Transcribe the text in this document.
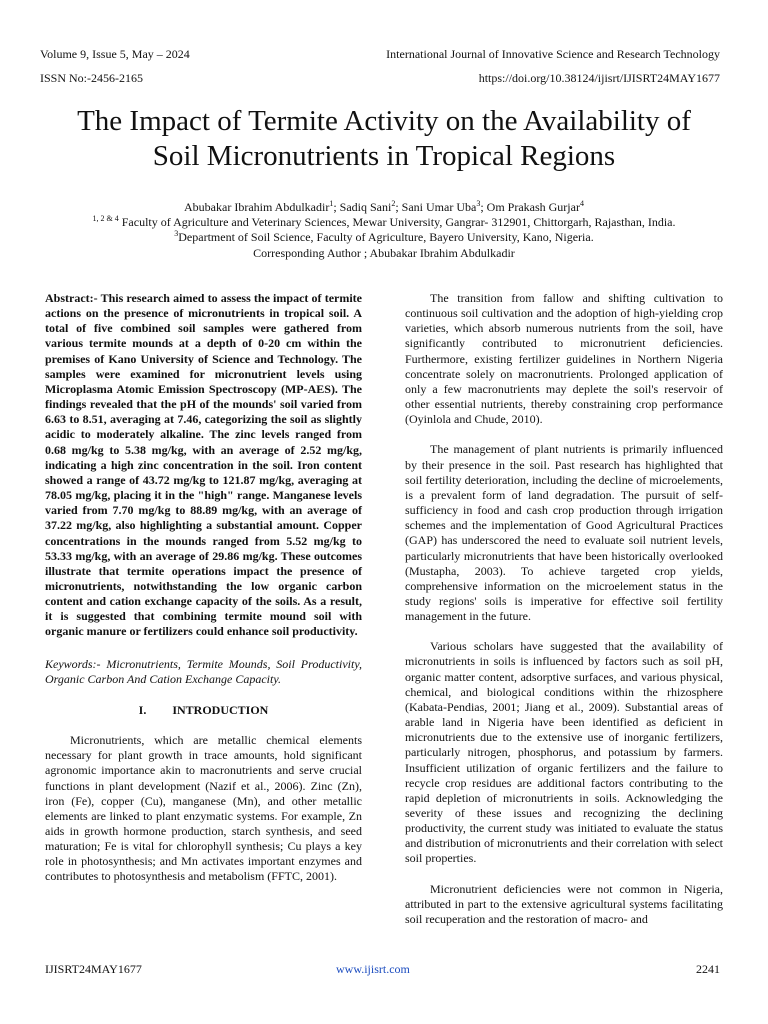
Volume 9, Issue 5, May – 2024
ISSN No:-2456-2165
International Journal of Innovative Science and Research Technology
https://doi.org/10.38124/ijisrt/IJISRT24MAY1677
The Impact of Termite Activity on the Availability of
Soil Micronutrients in Tropical Regions
Abubakar Ibrahim Abdulkadir$^1$; Sadiq Sani$^2$; Sani Umar Uba$^3$; Om Prakash Gurjar$^4$
$^{1, 2 \& 4}$ Faculty of Agriculture and Veterinary Sciences, Mewar University, Gangrar- 312901, Chittorgarh, Rajasthan, India.
$^3$Department of Soil Science, Faculty of Agriculture, Bayero University, Kano, Nigeria.
Corresponding Author ; Abubakar Ibrahim Abdulkadir

Abstract:- This research aimed to assess the impact of termite actions on the presence of micronutrients in tropical soil. A total of five combined soil samples were gathered from various termite mounds at a depth of 0-20 cm within the premises of Kano University of Science and Technology. The samples were examined for micronutrient levels using Microplasma Atomic Emission Spectroscopy (MP-AES). The findings revealed that the pH of the mounds' soil varied from 6.63 to 8.51, averaging at 7.46, categorizing the soil as slightly acidic to moderately alkaline. The zinc levels ranged from 0.68 mg/kg to 5.38 mg/kg, with an average of 2.52 mg/kg, indicating a high zinc concentration in the soil. Iron content showed a range of 43.72 mg/kg to 121.87 mg/kg, averaging at 78.05 mg/kg, placing it in the "high" range. Manganese levels varied from 7.70 mg/kg to 88.89 mg/kg, with an average of 37.22 mg/kg, also highlighting a substantial amount. Copper concentrations in the mounds ranged from 5.52 mg/kg to 53.33 mg/kg, with an average of 29.86 mg/kg. These outcomes illustrate that termite operations impact the presence of micronutrients, notwithstanding the low organic carbon content and cation exchange capacity of the soils. As a result, it is suggested that combining termite mound soil with organic manure or fertilizers could enhance soil productivity.

Keywords:- Micronutrients, Termite Mounds, Soil Productivity, Organic Carbon And Cation Exchange Capacity.

I. INTRODUCTION

Micronutrients, which are metallic chemical elements necessary for plant growth in trace amounts, hold significant agronomic importance akin to macronutrients and serve crucial functions in plant development (Nazif et al., 2006). Zinc (Zn), iron (Fe), copper (Cu), manganese (Mn), and other metallic elements are linked to plant enzymatic systems. For example, Zn aids in growth hormone production, starch synthesis, and seed maturation; Fe is vital for chlorophyll synthesis; Cu plays a key role in photosynthesis; and Mn activates important enzymes and contributes to photosynthesis and metabolism (FFTC, 2001).

The transition from fallow and shifting cultivation to continuous soil cultivation and the adoption of high-yielding crop varieties, which absorb numerous nutrients from the soil, have significantly contributed to micronutrient deficiencies. Furthermore, existing fertilizer guidelines in Northern Nigeria concentrate solely on macronutrients. Prolonged application of only a few macronutrients may deplete the soil's reservoir of other essential nutrients, thereby constraining crop performance (Oyinlola and Chude, 2010).

The management of plant nutrients is primarily influenced by their presence in the soil. Past research has highlighted that soil fertility deterioration, including the decline of microelements, is a prevalent form of land degradation. The pursuit of self-sufficiency in food and cash crop production through irrigation schemes and the implementation of Good Agricultural Practices (GAP) has underscored the need to evaluate soil nutrient levels, particularly micronutrients that have been historically overlooked (Mustapha, 2003). To achieve targeted crop yields, comprehensive information on the microelement status in the study regions' soils is imperative for effective soil fertility management in the future.

Various scholars have suggested that the availability of micronutrients in soils is influenced by factors such as soil pH, organic matter content, adsorptive surfaces, and various physical, chemical, and biological conditions within the rhizosphere (Kabata-Pendias, 2001; Jiang et al., 2009). Substantial areas of arable land in Nigeria have been identified as deficient in micronutrients due to the extensive use of inorganic fertilizers, particularly nitrogen, phosphorus, and potassium by farmers. Insufficient utilization of organic fertilizers and the failure to recycle crop residues are additional factors contributing to the rapid depletion of micronutrients in soils. Acknowledging the severity of these issues and recognizing the declining productivity, the current study was initiated to evaluate the status and distribution of micronutrients and their correlation with select soil properties.

Micronutrient deficiencies were not common in Nigeria, attributed in part to the extensive agricultural systems facilitating soil recuperation and the restoration of macro- and

IJISRT24MAY1677	www.ijisrt.com	2241
